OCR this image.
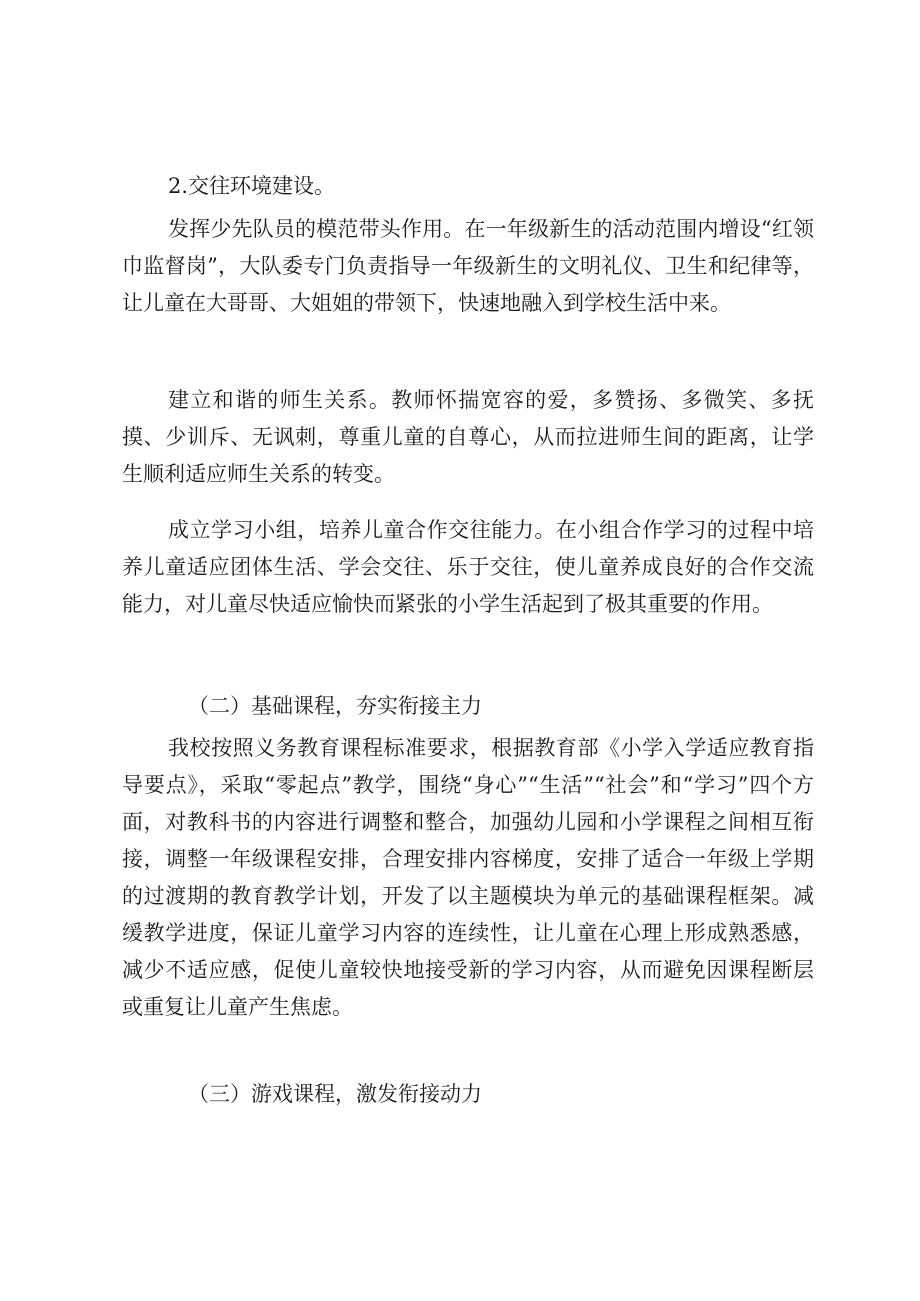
2.交往环境建设。
发挥少先队员的模范带头作用。在一年级新生的活动范围内增设“红领巾监督岗”，大队委专门负责指导一年级新生的文明礼仪、卫生和纪律等，让儿童在大哥哥、大姐姐的带领下，快速地融入到学校生活中来。
建立和谐的师生关系。教师怀揣宽容的爱，多赞扬、多微笑、多抚摸、少训斥、无讽刺，尊重儿童的自尊心，从而拉进师生间的距离，让学生顺利适应师生关系的转变。
成立学习小组，培养儿童合作交往能力。在小组合作学习的过程中培养儿童适应团体生活、学会交往、乐于交往，使儿童养成良好的合作交流能力，对儿童尽快适应愉快而紧张的小学生活起到了极其重要的作用。
（二）基础课程，夯实衔接主力
我校按照义务教育课程标准要求，根据教育部《小学入学适应教育指导要点》，采取“零起点”教学，围绕“身心”“生活”“社会”和“学习”四个方面，对教科书的内容进行调整和整合，加强幼儿园和小学课程之间相互衔接，调整一年级课程安排，合理安排内容梯度，安排了适合一年级上学期的过渡期的教育教学计划，开发了以主题模块为单元的基础课程框架。减缓教学进度，保证儿童学习内容的连续性，让儿童在心理上形成熟悉感，减少不适应感，促使儿童较快地接受新的学习内容，从而避免因课程断层或重复让儿童产生焦虑。
（三）游戏课程，激发衔接动力
